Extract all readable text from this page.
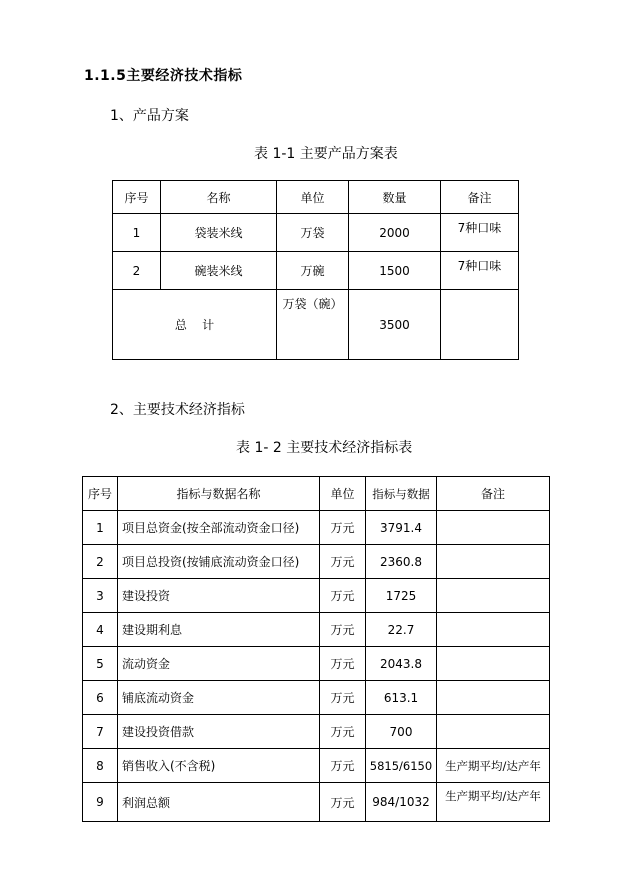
1.1.5主要经济技术指标
1、产品方案
表 1-1 主要产品方案表
序号	名称	单位	数量	备注
1	袋装米线	万袋	2000	7种口味
2	碗装米线	万碗	1500	7种口味
总    计		万袋（碗）	3500	
2、主要技术经济指标
表 1- 2 主要技术经济指标表
序号	指标与数据名称	单位	指标与数据	备注
1	项目总资金(按全部流动资金口径)	万元	3791.4	
2	项目总投资(按铺底流动资金口径)	万元	2360.8	
3	建设投资	万元	1725	
4	建设期利息	万元	22.7	
5	流动资金	万元	2043.8	
6	铺底流动资金	万元	613.1	
7	建设投资借款	万元	700	
8	销售收入(不含税)	万元	5815/6150	生产期平均/达产年
9	利润总额	万元	984/1032	生产期平均/达产年
